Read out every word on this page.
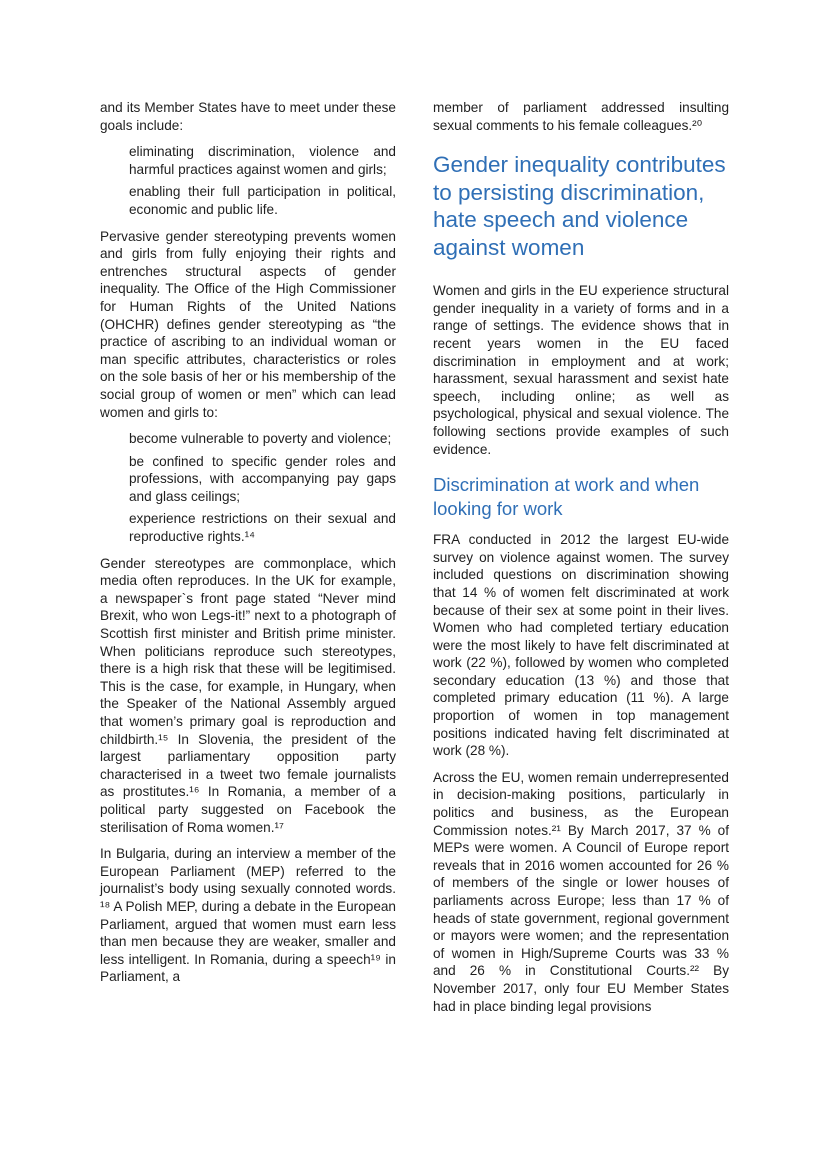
and its Member States have to meet under these goals include:

eliminating discrimination, violence and harmful practices against women and girls;
enabling their full participation in political, economic and public life.

Pervasive gender stereotyping prevents women and girls from fully enjoying their rights and entrenches structural aspects of gender inequality. The Office of the High Commissioner for Human Rights of the United Nations (OHCHR) defines gender stereotyping as “the practice of ascribing to an individual woman or man specific attributes, characteristics or roles on the sole basis of her or his membership of the social group of women or men” which can lead women and girls to:

become vulnerable to poverty and violence;
be confined to specific gender roles and professions, with accompanying pay gaps and glass ceilings;
experience restrictions on their sexual and reproductive rights.¹⁴

Gender stereotypes are commonplace, which media often reproduces. In the UK for example, a newspaper`s front page stated “Never mind Brexit, who won Legs-it!” next to a photograph of Scottish first minister and British prime minister. When politicians reproduce such stereotypes, there is a high risk that these will be legitimised. This is the case, for example, in Hungary, when the Speaker of the National Assembly argued that women’s primary goal is reproduction and childbirth.¹⁵ In Slovenia, the president of the largest parliamentary opposition party characterised in a tweet two female journalists as prostitutes.¹⁶ In Romania, a member of a political party suggested on Facebook the sterilisation of Roma women.¹⁷

In Bulgaria, during an interview a member of the European Parliament (MEP) referred to the journalist’s body using sexually connoted words. ¹⁸ A Polish MEP, during a debate in the European Parliament, argued that women must earn less than men because they are weaker, smaller and less intelligent. In Romania, during a speech¹⁹ in Parliament, a

member of parliament addressed insulting sexual comments to his female colleagues.²⁰

Gender inequality contributes to persisting discrimination, hate speech and violence against women

Women and girls in the EU experience structural gender inequality in a variety of forms and in a range of settings. The evidence shows that in recent years women in the EU faced discrimination in employment and at work; harassment, sexual harassment and sexist hate speech, including online; as well as psychological, physical and sexual violence. The following sections provide examples of such evidence.

Discrimination at work and when looking for work

FRA conducted in 2012 the largest EU-wide survey on violence against women. The survey included questions on discrimination showing that 14 % of women felt discriminated at work because of their sex at some point in their lives. Women who had completed tertiary education were the most likely to have felt discriminated at work (22 %), followed by women who completed secondary education (13 %) and those that completed primary education (11 %). A large proportion of women in top management positions indicated having felt discriminated at work (28 %).

Across the EU, women remain underrepresented in decision-making positions, particularly in politics and business, as the European Commission notes.²¹ By March 2017, 37 % of MEPs were women. A Council of Europe report reveals that in 2016 women accounted for 26 % of members of the single or lower houses of parliaments across Europe; less than 17 % of heads of state government, regional government or mayors were women; and the representation of women in High/Supreme Courts was 33 % and 26 % in Constitutional Courts.²² By November 2017, only four EU Member States had in place binding legal provisions
